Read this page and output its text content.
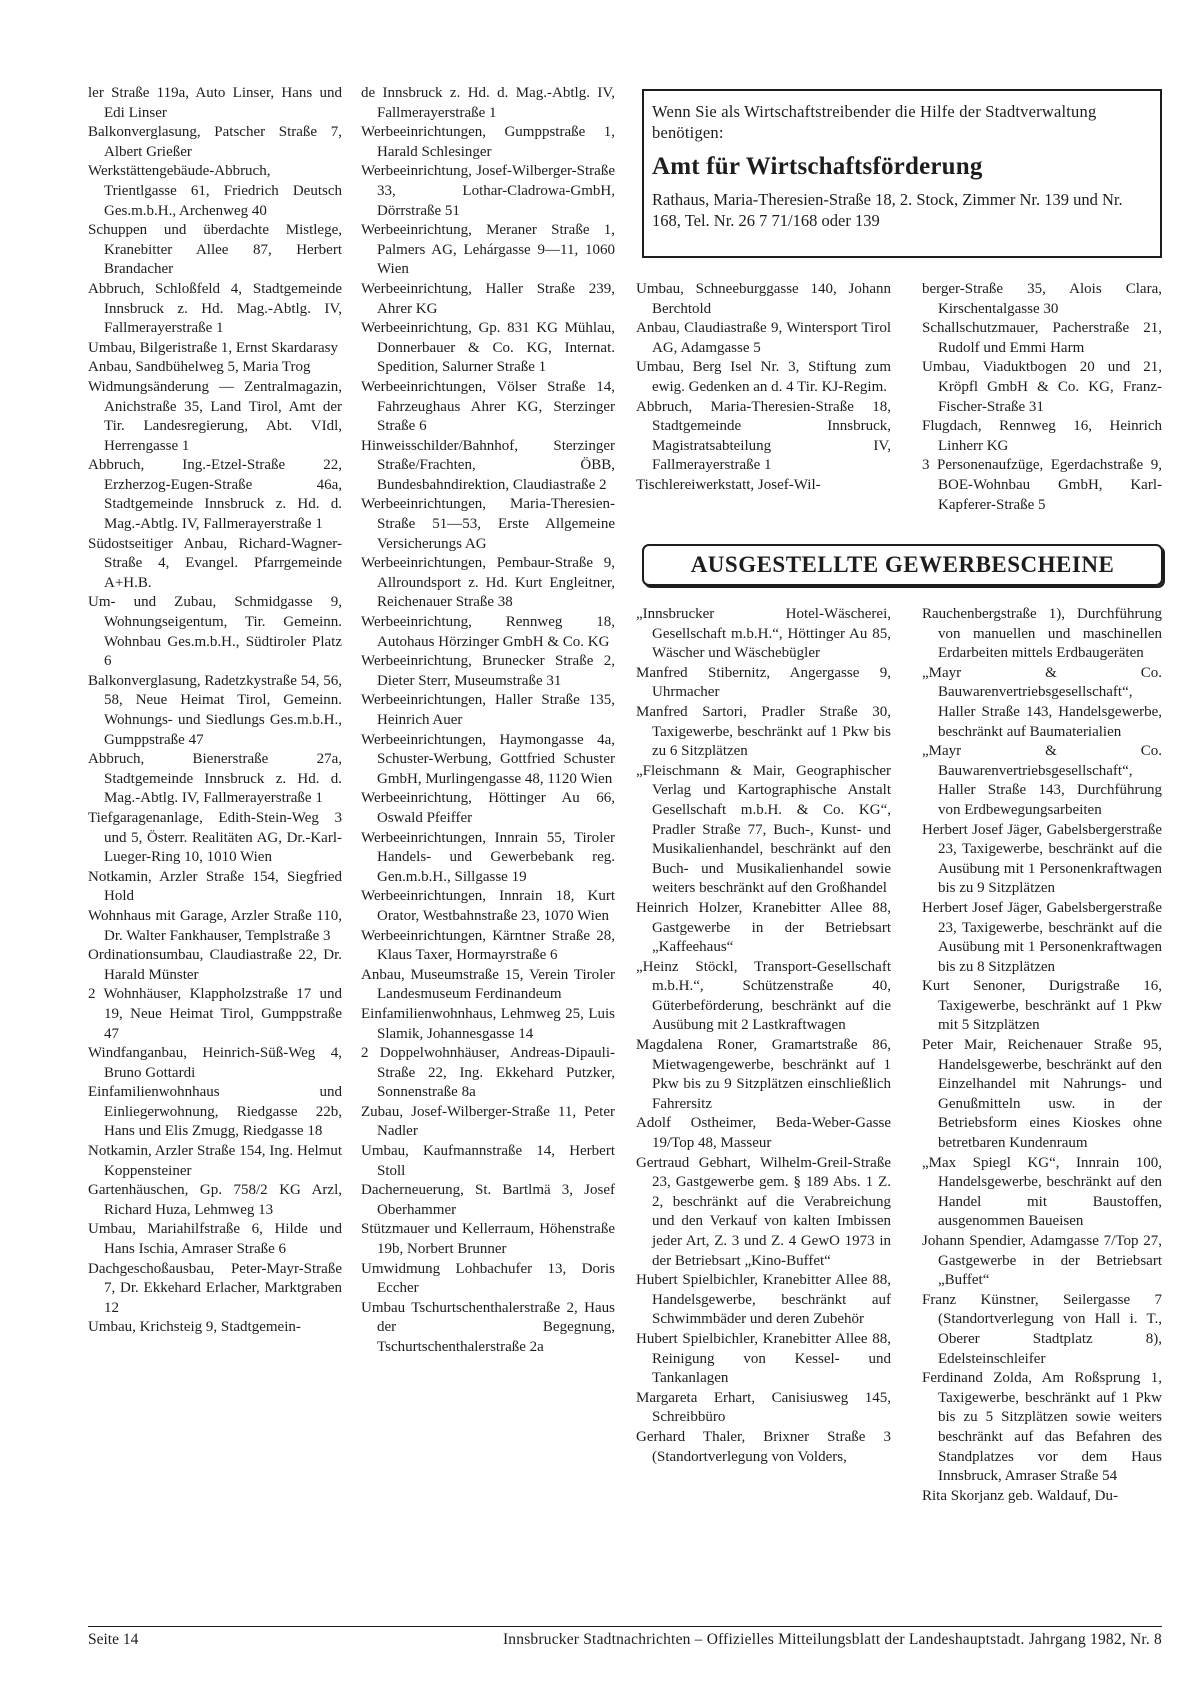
ler Straße 119a, Auto Linser, Hans und Edi Linser

Balkonverglasung, Patscher Straße 7, Albert Grießer

Werkstättengebäude-Abbruch, Trientlgasse 61, Friedrich Deutsch Ges.m.b.H., Archenweg 40

Schuppen und überdachte Mistlege, Kranebitter Allee 87, Herbert Brandacher

Abbruch, Schloßfeld 4, Stadtgemeinde Innsbruck z. Hd. Mag.-Abtlg. IV, Fallmerayerstraße 1

Umbau, Bilgeristraße 1, Ernst Skardarasy

Anbau, Sandbühelweg 5, Maria Trog

Widmungsänderung — Zentralmagazin, Anichstraße 35, Land Tirol, Amt der Tir. Landesregierung, Abt. VIdl, Herrengasse 1

Abbruch, Ing.-Etzel-Straße 22, Erzherzog-Eugen-Straße 46a, Stadtgemeinde Innsbruck z. Hd. d. Mag.-Abtlg. IV, Fallmerayerstraße 1

Südostseitiger Anbau, Richard-Wagner-Straße 4, Evangel. Pfarrgemeinde A+H.B.

Um- und Zubau, Schmidgasse 9, Wohnungseigentum, Tir. Gemeinn. Wohnbau Ges.m.b.H., Südtiroler Platz 6

Balkonverglasung, Radetzkystraße 54, 56, 58, Neue Heimat Tirol, Gemeinn. Wohnungs- und Siedlungs Ges.m.b.H., Gumppstraße 47

Abbruch, Bienerstraße 27a, Stadtgemeinde Innsbruck z. Hd. d. Mag.-Abtlg. IV, Fallmerayerstraße 1

Tiefgaragenanlage, Edith-Stein-Weg 3 und 5, Österr. Realitäten AG, Dr.-Karl-Lueger-Ring 10, 1010 Wien

Notkamin, Arzler Straße 154, Siegfried Hold

Wohnhaus mit Garage, Arzler Straße 110, Dr. Walter Fankhauser, Templstraße 3

Ordinationsumbau, Claudiastraße 22, Dr. Harald Münster

2 Wohnhäuser, Klappholzstraße 17 und 19, Neue Heimat Tirol, Gumppstraße 47

Windfanganbau, Heinrich-Süß-Weg 4, Bruno Gottardi

Einfamilienwohnhaus und Einliegerwohnung, Riedgasse 22b, Hans und Elis Zmugg, Riedgasse 18

Notkamin, Arzler Straße 154, Ing. Helmut Koppensteiner

Gartenhäuschen, Gp. 758/2 KG Arzl, Richard Huza, Lehmweg 13

Umbau, Mariahilfstraße 6, Hilde und Hans Ischia, Amraser Straße 6

Dachgeschoßausbau, Peter-Mayr-Straße 7, Dr. Ekkehard Erlacher, Marktgraben 12

Umbau, Krichsteig 9, Stadtgemein-

de Innsbruck z. Hd. d. Mag.-Abtlg. IV, Fallmerayerstraße 1

Werbeeinrichtungen, Gumppstraße 1, Harald Schlesinger

Werbeeinrichtung, Josef-Wilberger-Straße 33, Lothar-Cladrowa-GmbH, Dörrstraße 51

Werbeeinrichtung, Meraner Straße 1, Palmers AG, Lehárgasse 9—11, 1060 Wien

Werbeeinrichtung, Haller Straße 239, Ahrer KG

Werbeeinrichtung, Gp. 831 KG Mühlau, Donnerbauer & Co. KG, Internat. Spedition, Salurner Straße 1

Werbeeinrichtungen, Völser Straße 14, Fahrzeughaus Ahrer KG, Sterzinger Straße 6

Hinweisschilder/Bahnhof, Sterzinger Straße/Frachten, ÖBB, Bundesbahndirektion, Claudiastraße 2

Werbeeinrichtungen, Maria-Theresien-Straße 51—53, Erste Allgemeine Versicherungs AG

Werbeeinrichtungen, Pembaur-Straße 9, Allroundsport z. Hd. Kurt Engleitner, Reichenauer Straße 38

Werbeeinrichtung, Rennweg 18, Autohaus Hörzinger GmbH & Co. KG

Werbeeinrichtung, Brunecker Straße 2, Dieter Sterr, Museumstraße 31

Werbeeinrichtungen, Haller Straße 135, Heinrich Auer

Werbeeinrichtungen, Haymongasse 4a, Schuster-Werbung, Gottfried Schuster GmbH, Murlingengasse 48, 1120 Wien

Werbeeinrichtung, Höttinger Au 66, Oswald Pfeiffer

Werbeeinrichtungen, Innrain 55, Tiroler Handels- und Gewerbebank reg. Gen.m.b.H., Sillgasse 19

Werbeeinrichtungen, Innrain 18, Kurt Orator, Westbahnstraße 23, 1070 Wien

Werbeeinrichtungen, Kärntner Straße 28, Klaus Taxer, Hormayrstraße 6

Anbau, Museumstraße 15, Verein Tiroler Landesmuseum Ferdinandeum

Einfamilienwohnhaus, Lehmweg 25, Luis Slamik, Johannesgasse 14

2 Doppelwohnhäuser, Andreas-Dipauli-Straße 22, Ing. Ekkehard Putzker, Sonnenstraße 8a

Zubau, Josef-Wilberger-Straße 11, Peter Nadler

Umbau, Kaufmannstraße 14, Herbert Stoll

Dacherneuerung, St. Bartlmä 3, Josef Oberhammer

Stützmauer und Kellerraum, Höhenstraße 19b, Norbert Brunner

Umwidmung Lohbachufer 13, Doris Eccher

Umbau Tschurtschenthalerstraße 2, Haus der Begegnung, Tschurtschenthalerstraße 2a

Wenn Sie als Wirtschaftstreibender die Hilfe der Stadtverwaltung benötigen:

Amt für Wirtschaftsförderung

Rathaus, Maria-Theresien-Straße 18, 2. Stock, Zimmer Nr. 139 und Nr. 168, Tel. Nr. 26 7 71/168 oder 139

Umbau, Schneeburggasse 140, Johann Berchtold

Anbau, Claudiastraße 9, Wintersport Tirol AG, Adamgasse 5

Umbau, Berg Isel Nr. 3, Stiftung zum ewig. Gedenken an d. 4 Tir. KJ-Regim.

Abbruch, Maria-Theresien-Straße 18, Stadtgemeinde Innsbruck, Magistratsabteilung IV, Fallmerayerstraße 1

Tischlereiwerkstatt, Josef-Wil-

berger-Straße 35, Alois Clara, Kirschentalgasse 30

Schallschutzmauer, Pacherstraße 21, Rudolf und Emmi Harm

Umbau, Viaduktbogen 20 und 21, Kröpfl GmbH & Co. KG, Franz-Fischer-Straße 31

Flugdach, Rennweg 16, Heinrich Linherr KG

3 Personenaufzüge, Egerdachstraße 9, BOE-Wohnbau GmbH, Karl-Kapferer-Straße 5

AUSGESTELLTE GEWERBESCHEINE

„Innsbrucker Hotel-Wäscherei, Gesellschaft m.b.H.“, Höttinger Au 85, Wäscher und Wäschebügler

Manfred Stibernitz, Angergasse 9, Uhrmacher

Manfred Sartori, Pradler Straße 30, Taxigewerbe, beschränkt auf 1 Pkw bis zu 6 Sitzplätzen

„Fleischmann & Mair, Geographischer Verlag und Kartographische Anstalt Gesellschaft m.b.H. & Co. KG“, Pradler Straße 77, Buch-, Kunst- und Musikalienhandel, beschränkt auf den Buch- und Musikalienhandel sowie weiters beschränkt auf den Großhandel

Heinrich Holzer, Kranebitter Allee 88, Gastgewerbe in der Betriebsart „Kaffeehaus“

„Heinz Stöckl, Transport-Gesellschaft m.b.H.“, Schützenstraße 40, Güterbeförderung, beschränkt auf die Ausübung mit 2 Lastkraftwagen

Magdalena Roner, Gramartstraße 86, Mietwagengewerbe, beschränkt auf 1 Pkw bis zu 9 Sitzplätzen einschließlich Fahrersitz

Adolf Ostheimer, Beda-Weber-Gasse 19/Top 48, Masseur

Gertraud Gebhart, Wilhelm-Greil-Straße 23, Gastgewerbe gem. § 189 Abs. 1 Z. 2, beschränkt auf die Verabreichung und den Verkauf von kalten Imbissen jeder Art, Z. 3 und Z. 4 GewO 1973 in der Betriebsart „Kino-Buffet“

Hubert Spielbichler, Kranebitter Allee 88, Handelsgewerbe, beschränkt auf Schwimmbäder und deren Zubehör

Hubert Spielbichler, Kranebitter Allee 88, Reinigung von Kessel- und Tankanlagen

Margareta Erhart, Canisiusweg 145, Schreibbüro

Gerhard Thaler, Brixner Straße 3 (Standortverlegung von Volders,

Rauchenbergstraße 1), Durchführung von manuellen und maschinellen Erdarbeiten mittels Erdbaugeräten

„Mayr & Co. Bauwarenvertriebsgesellschaft“, Haller Straße 143, Handelsgewerbe, beschränkt auf Baumaterialien

„Mayr & Co. Bauwarenvertriebsgesellschaft“, Haller Straße 143, Durchführung von Erdbewegungsarbeiten

Herbert Josef Jäger, Gabelsbergerstraße 23, Taxigewerbe, beschränkt auf die Ausübung mit 1 Personenkraftwagen bis zu 9 Sitzplätzen

Herbert Josef Jäger, Gabelsbergerstraße 23, Taxigewerbe, beschränkt auf die Ausübung mit 1 Personenkraftwagen bis zu 8 Sitzplätzen

Kurt Senoner, Durigstraße 16, Taxigewerbe, beschränkt auf 1 Pkw mit 5 Sitzplätzen

Peter Mair, Reichenauer Straße 95, Handelsgewerbe, beschränkt auf den Einzelhandel mit Nahrungs- und Genußmitteln usw. in der Betriebsform eines Kioskes ohne betretbaren Kundenraum

„Max Spiegl KG“, Innrain 100, Handelsgewerbe, beschränkt auf den Handel mit Baustoffen, ausgenommen Baueisen

Johann Spendier, Adamgasse 7/Top 27, Gastgewerbe in der Betriebsart „Buffet“

Franz Künstner, Seilergasse 7 (Standortverlegung von Hall i. T., Oberer Stadtplatz 8), Edelsteinschleifer

Ferdinand Zolda, Am Roßsprung 1, Taxigewerbe, beschränkt auf 1 Pkw bis zu 5 Sitzplätzen sowie weiters beschränkt auf das Befahren des Standplatzes vor dem Haus Innsbruck, Amraser Straße 54

Rita Skorjanz geb. Waldauf, Du-

Seite 14	Innsbrucker Stadtnachrichten – Offizielles Mitteilungsblatt der Landeshauptstadt. Jahrgang 1982, Nr. 8
